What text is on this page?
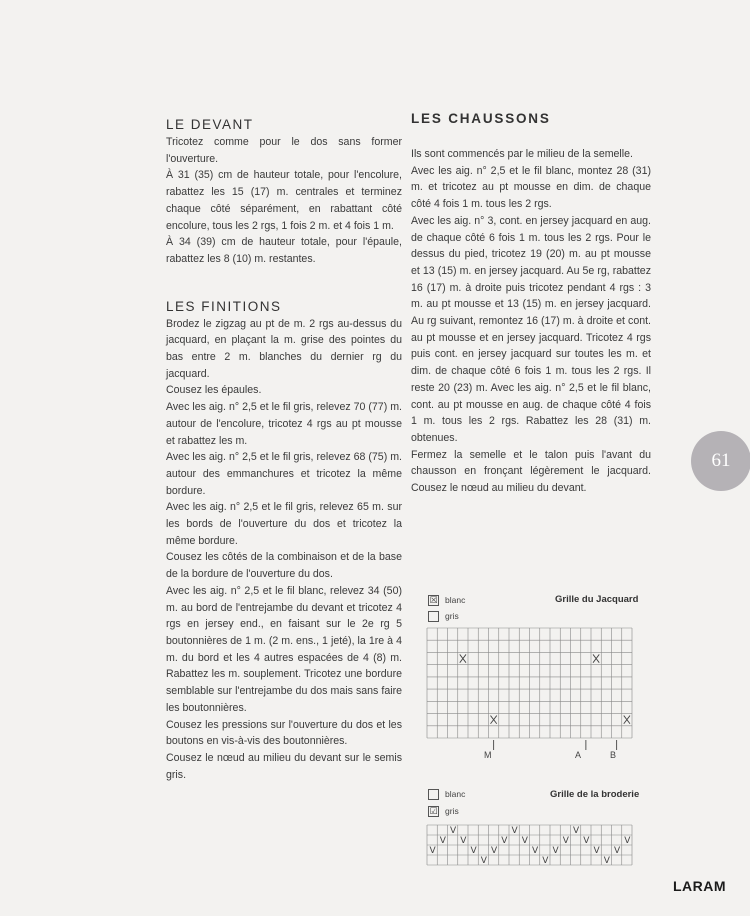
LE DEVANT

Tricotez comme pour le dos sans former l'ouverture.

À 31 (35) cm de hauteur totale, pour l'encolure, rabattez les 15 (17) m. centrales et terminez chaque côté séparément, en rabattant côté encolure, tous les 2 rgs, 1 fois 2 m. et 4 fois 1 m.

À 34 (39) cm de hauteur totale, pour l'épaule, rabattez les 8 (10) m. restantes.

LES FINITIONS

Brodez le zigzag au pt de m. 2 rgs au-dessus du jacquard, en plaçant la m. grise des pointes du bas entre 2 m. blanches du dernier rg du jacquard.

Cousez les épaules.

Avec les aig. n° 2,5 et le fil gris, relevez 70 (77) m. autour de l'encolure, tricotez 4 rgs au pt mousse et rabattez les m.

Avec les aig. n° 2,5 et le fil gris, relevez 68 (75) m. autour des emmanchures et tricotez la même bordure.

Avec les aig. n° 2,5 et le fil gris, relevez 65 m. sur les bords de l'ouverture du dos et tricotez la même bordure.

Cousez les côtés de la combinaison et de la base de la bordure de l'ouverture du dos.

Avec les aig. n° 2,5 et le fil blanc, relevez 34 (50) m. au bord de l'entrejambe du devant et tricotez 4 rgs en jersey end., en faisant sur le 2e rg 5 boutonnières de 1 m. (2 m. ens., 1 jeté), la 1re à 4 m. du bord et les 4 autres espacées de 4 (8) m. Rabattez les m. souplement. Tricotez une bordure semblable sur l'entrejambe du dos mais sans faire les boutonnières.

Cousez les pressions sur l'ouverture du dos et les boutons en vis-à-vis des boutonnières.

Cousez le nœud au milieu du devant sur le semis gris.

LES CHAUSSONS

Ils sont commencés par le milieu de la semelle.

Avec les aig. n° 2,5 et le fil blanc, montez 28 (31) m. et tricotez au pt mousse en dim. de chaque côté 4 fois 1 m. tous les 2 rgs.

Avec les aig. n° 3, cont. en jersey jacquard en aug. de chaque côté 6 fois 1 m. tous les 2 rgs. Pour le dessus du pied, tricotez 19 (20) m. au pt mousse et 13 (15) m. en jersey jacquard. Au 5e rg, rabattez 16 (17) m. à droite puis tricotez pendant 4 rgs : 3 m. au pt mousse et 13 (15) m. en jersey jacquard. Au rg suivant, remontez 16 (17) m. à droite et cont. au pt mousse et en jersey jacquard. Tricotez 4 rgs puis cont. en jersey jacquard sur toutes les m. et dim. de chaque côté 6 fois 1 m. tous les 2 rgs. Il reste 20 (23) m. Avec les aig. n° 2,5 et le fil blanc, cont. au pt mousse en aug. de chaque côté 4 fois 1 m. tous les 2 rgs. Rabattez les 28 (31) m. obtenues.

Fermez la semelle et le talon puis l'avant du chausson en fronçant légèrement le jacquard. Cousez le nœud au milieu du devant.

61
☒ blanc
gris
Grille du Jacquard
M	A	B
blanc
☑ gris
Grille de la broderie
V	V	V
V V	V V	V V	V
V	V V	V V	V V
V	V	V
LARAM
